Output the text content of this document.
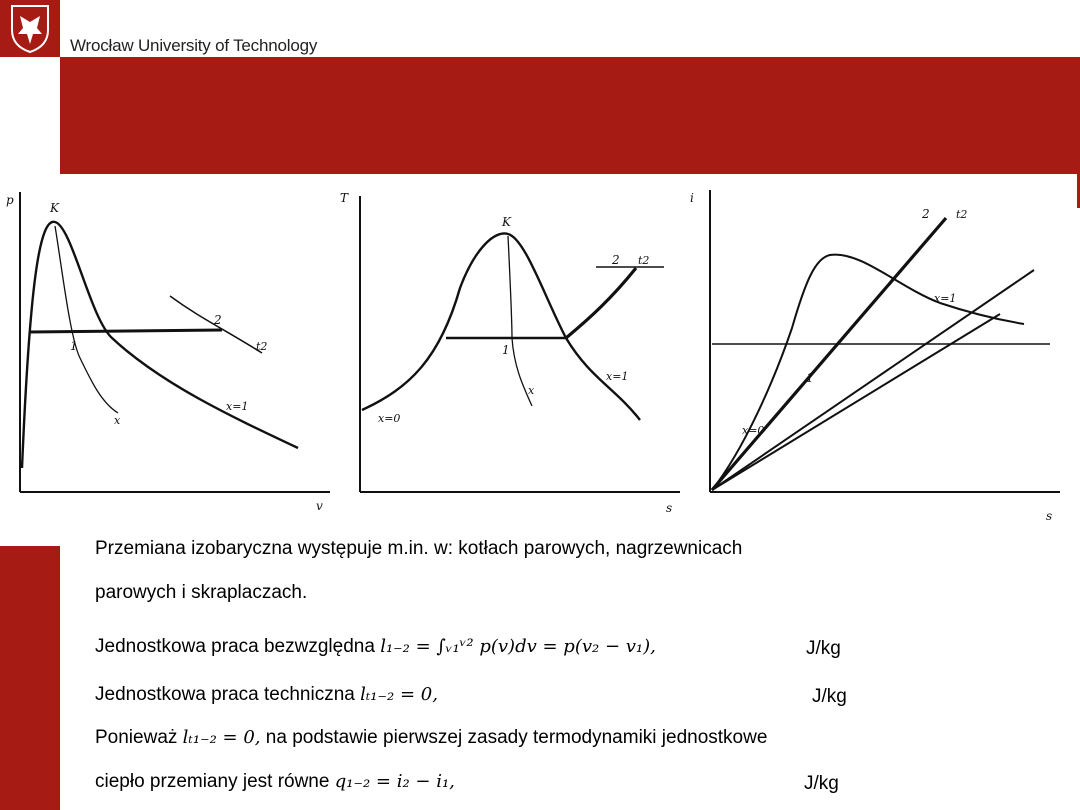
Wrocław University of Technology
p
v
K
1
2
t2
x=1
x
T
s
K
1
2 t2
x=0
x=1
x
i
s
1
2 t2
x=0
x=1
Przemiana izobaryczna występuje m.in. w: kotłach parowych, nagrzewnicach
parowych i skraplaczach.
Jednostkowa praca bezwzględna l₁₋₂ = ∫ᵥ₁ᵛ² p(v)dv = p(v₂ − v₁),	J/kg
Jednostkowa praca techniczna lₜ₁₋₂ = 0,	J/kg
Ponieważ lₜ₁₋₂ = 0, na podstawie pierwszej zasady termodynamiki jednostkowe
ciepło przemiany jest równe q₁₋₂ = i₂ − i₁,	J/kg
